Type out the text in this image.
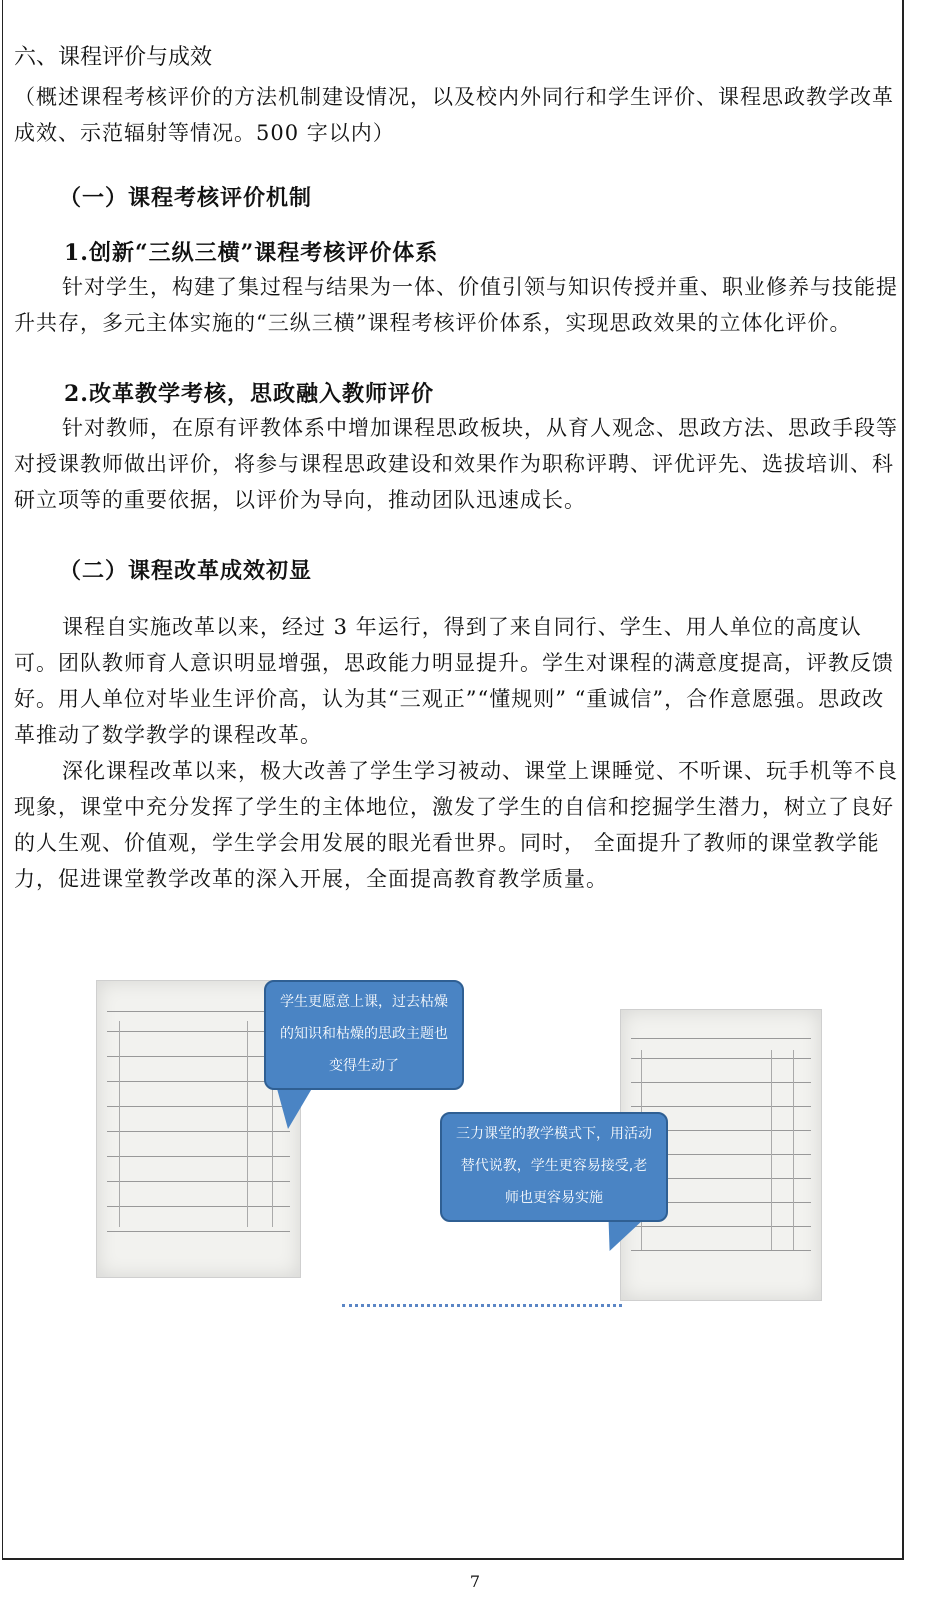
六、课程评价与成效

（概述课程考核评价的方法机制建设情况，以及校内外同行和学生评价、课程思政教学改革成效、示范辐射等情况。500 字以内）

（一）课程考核评价机制
1.创新“三纵三横”课程考核评价体系

针对学生，构建了集过程与结果为一体、价值引领与知识传授并重、职业修养与技能提升共存，多元主体实施的“三纵三横”课程考核评价体系，实现思政效果的立体化评价。

2.改革教学考核，思政融入教师评价

针对教师，在原有评教体系中增加课程思政板块，从育人观念、思政方法、思政手段等对授课教师做出评价，将参与课程思政建设和效果作为职称评聘、评优评先、选拔培训、科研立项等的重要依据，以评价为导向，推动团队迅速成长。

（二）课程改革成效初显

课程自实施改革以来，经过 3 年运行，得到了来自同行、学生、用人单位的高度认可。团队教师育人意识明显增强，思政能力明显提升。学生对课程的满意度提高，评教反馈好。用人单位对毕业生评价高，认为其“三观正”“懂规则” “重诚信”，合作意愿强。思政改革推动了数学教学的课程改革。

深化课程改革以来，极大改善了学生学习被动、课堂上课睡觉、不听课、玩手机等不良现象，课堂中充分发挥了学生的主体地位，激发了学生的自信和挖掘学生潜力，树立了良好的人生观、价值观，学生学会用发展的眼光看世界。同时， 全面提升了教师的课堂教学能力，促进课堂教学改革的深入开展，全面提高教育教学质量。

学生更愿意上课，过去枯燥的知识和枯燥的思政主题也变得生动了
三力课堂的教学模式下，用活动替代说教，学生更容易接受,老师也更容易实施
7
